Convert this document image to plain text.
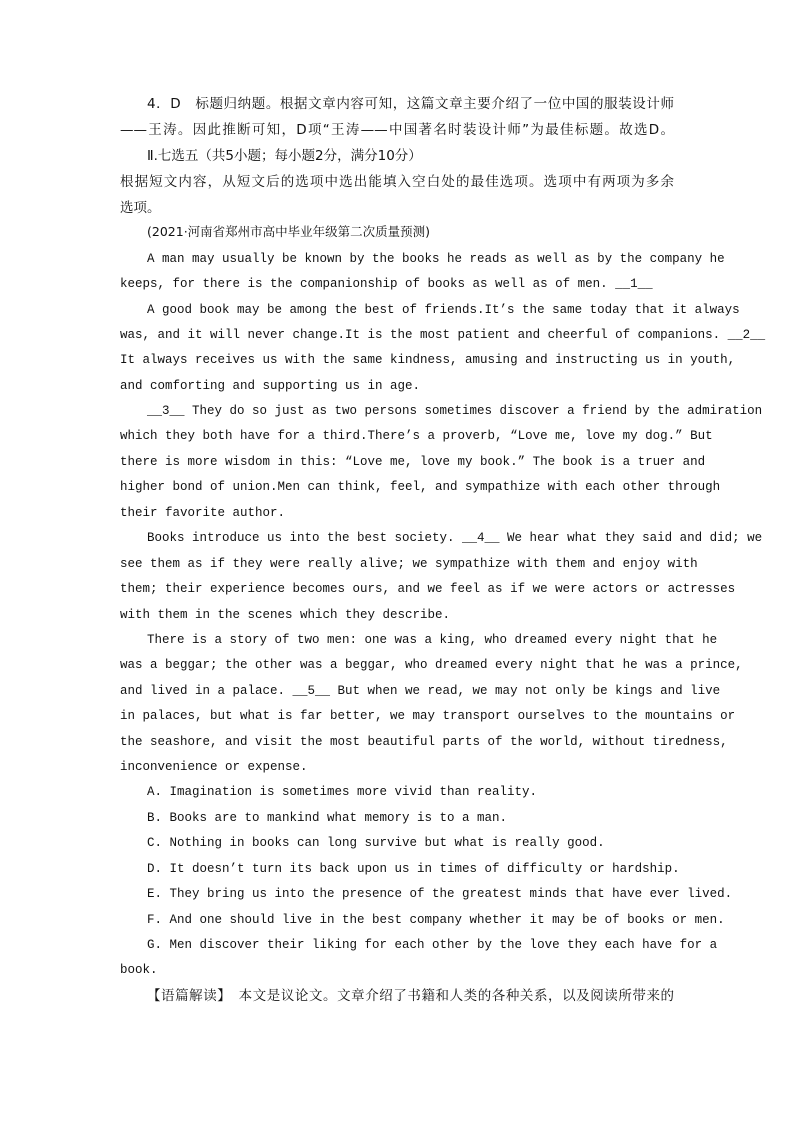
4．D　标题归纳题。根据文章内容可知，这篇文章主要介绍了一位中国的服装设计师
——王涛。因此推断可知，D项“王涛——中国著名时装设计师”为最佳标题。故选D。
Ⅱ.七选五（共5小题；每小题2分，满分10分）
根据短文内容，从短文后的选项中选出能填入空白处的最佳选项。选项中有两项为多余
选项。
(2021·河南省郑州市高中毕业年级第二次质量预测)
A man may usually be known by the books he reads as well as by the company he
keeps, for there is the companionship of books as well as of men. __1__
A good book may be among the best of friends.It’s the same today that it always
was, and it will never change.It is the most patient and cheerful of companions. __2__
It always receives us with the same kindness, amusing and instructing us in youth,
and comforting and supporting us in age.
__3__ They do so just as two persons sometimes discover a friend by the admiration
which they both have for a third.There’s a proverb, “Love me, love my dog.” But
there is more wisdom in this: “Love me, love my book.” The book is a truer and
higher bond of union.Men can think, feel, and sympathize with each other through
their favorite author.
Books introduce us into the best society. __4__ We hear what they said and did; we
see them as if they were really alive; we sympathize with them and enjoy with
them; their experience becomes ours, and we feel as if we were actors or actresses
with them in the scenes which they describe.
There is a story of two men: one was a king, who dreamed every night that he
was a beggar; the other was a beggar, who dreamed every night that he was a prince,
and lived in a palace. __5__ But when we read, we may not only be kings and live
in palaces, but what is far better, we may transport ourselves to the mountains or
the seashore, and visit the most beautiful parts of the world, without tiredness,
inconvenience or expense.
A. Imagination is sometimes more vivid than reality.
B. Books are to mankind what memory is to a man.
C. Nothing in books can long survive but what is really good.
D. It doesn’t turn its back upon us in times of difficulty or hardship.
E. They bring us into the presence of the greatest minds that have ever lived.
F. And one should live in the best company whether it may be of books or men.
G. Men discover their liking for each other by the love they each have for a
book.
【语篇解读】　本文是议论文。文章介绍了书籍和人类的各种关系，以及阅读所带来的
